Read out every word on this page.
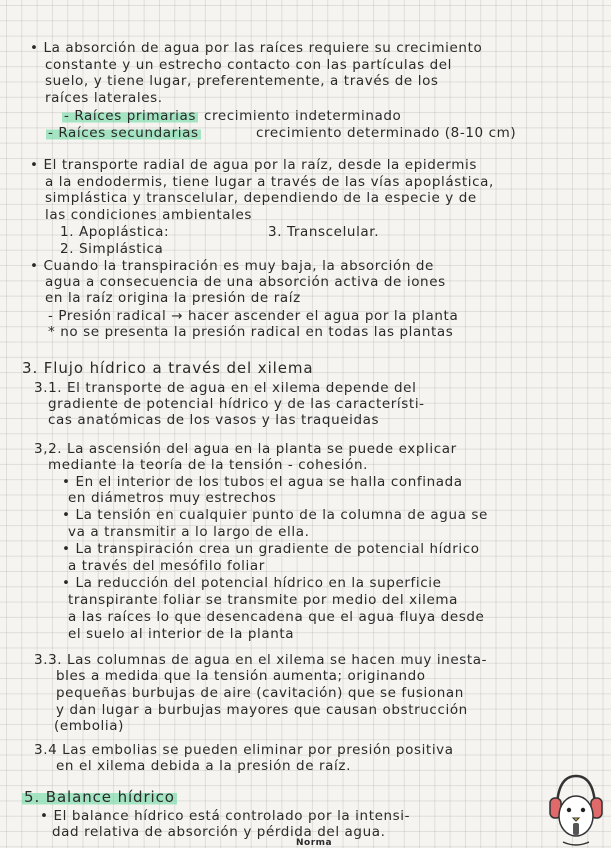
• La absorción de agua por las raíces requiere su crecimiento
constante y un estrecho contacto con las partículas del
suelo, y tiene lugar, preferentemente, a través de los
raíces laterales.
- Raíces primarias crecimiento indeterminado
- Raíces secundarias	crecimiento determinado (8-10 cm)
• El transporte radial de agua por la raíz, desde la epidermis
a la endodermis, tiene lugar a través de las vías apoplástica,
simplástica y transcelular, dependiendo de la especie y de
las condiciones ambientales
1. Apoplástica:	3. Transcelular.
2. Simplástica
• Cuando la transpiración es muy baja, la absorción de
agua a consecuencia de una absorción activa de iones
en la raíz origina la presión de raíz
- Presión radical → hacer ascender el agua por la planta
* no se presenta la presión radical en todas las plantas
3. Flujo hídrico a través del xilema
3.1. El transporte de agua en el xilema depende del
gradiente de potencial hídrico y de las característi-
cas anatómicas de los vasos y las traqueidas
3,2. La ascensión del agua en la planta se puede explicar
mediante la teoría de la tensión - cohesión.
• En el interior de los tubos el agua se halla confinada
en diámetros muy estrechos
• La tensión en cualquier punto de la columna de agua se
va a transmitir a lo largo de ella.
• La transpiración crea un gradiente de potencial hídrico
a través del mesófilo foliar
• La reducción del potencial hídrico en la superficie
transpirante foliar se transmite por medio del xilema
a las raíces lo que desencadena que el agua fluya desde
el suelo al interior de la planta
3.3. Las columnas de agua en el xilema se hacen muy inesta-
bles a medida que la tensión aumenta; originando
pequeñas burbujas de aire (cavitación) que se fusionan
y dan lugar a burbujas mayores que causan obstrucción
(embolia)
3.4 Las embolias se pueden eliminar por presión positiva
en el xilema debida a la presión de raíz.
5. Balance hídrico
• El balance hídrico está controlado por la intensi-
dad relativa de absorción y pérdida del agua.
Norma
